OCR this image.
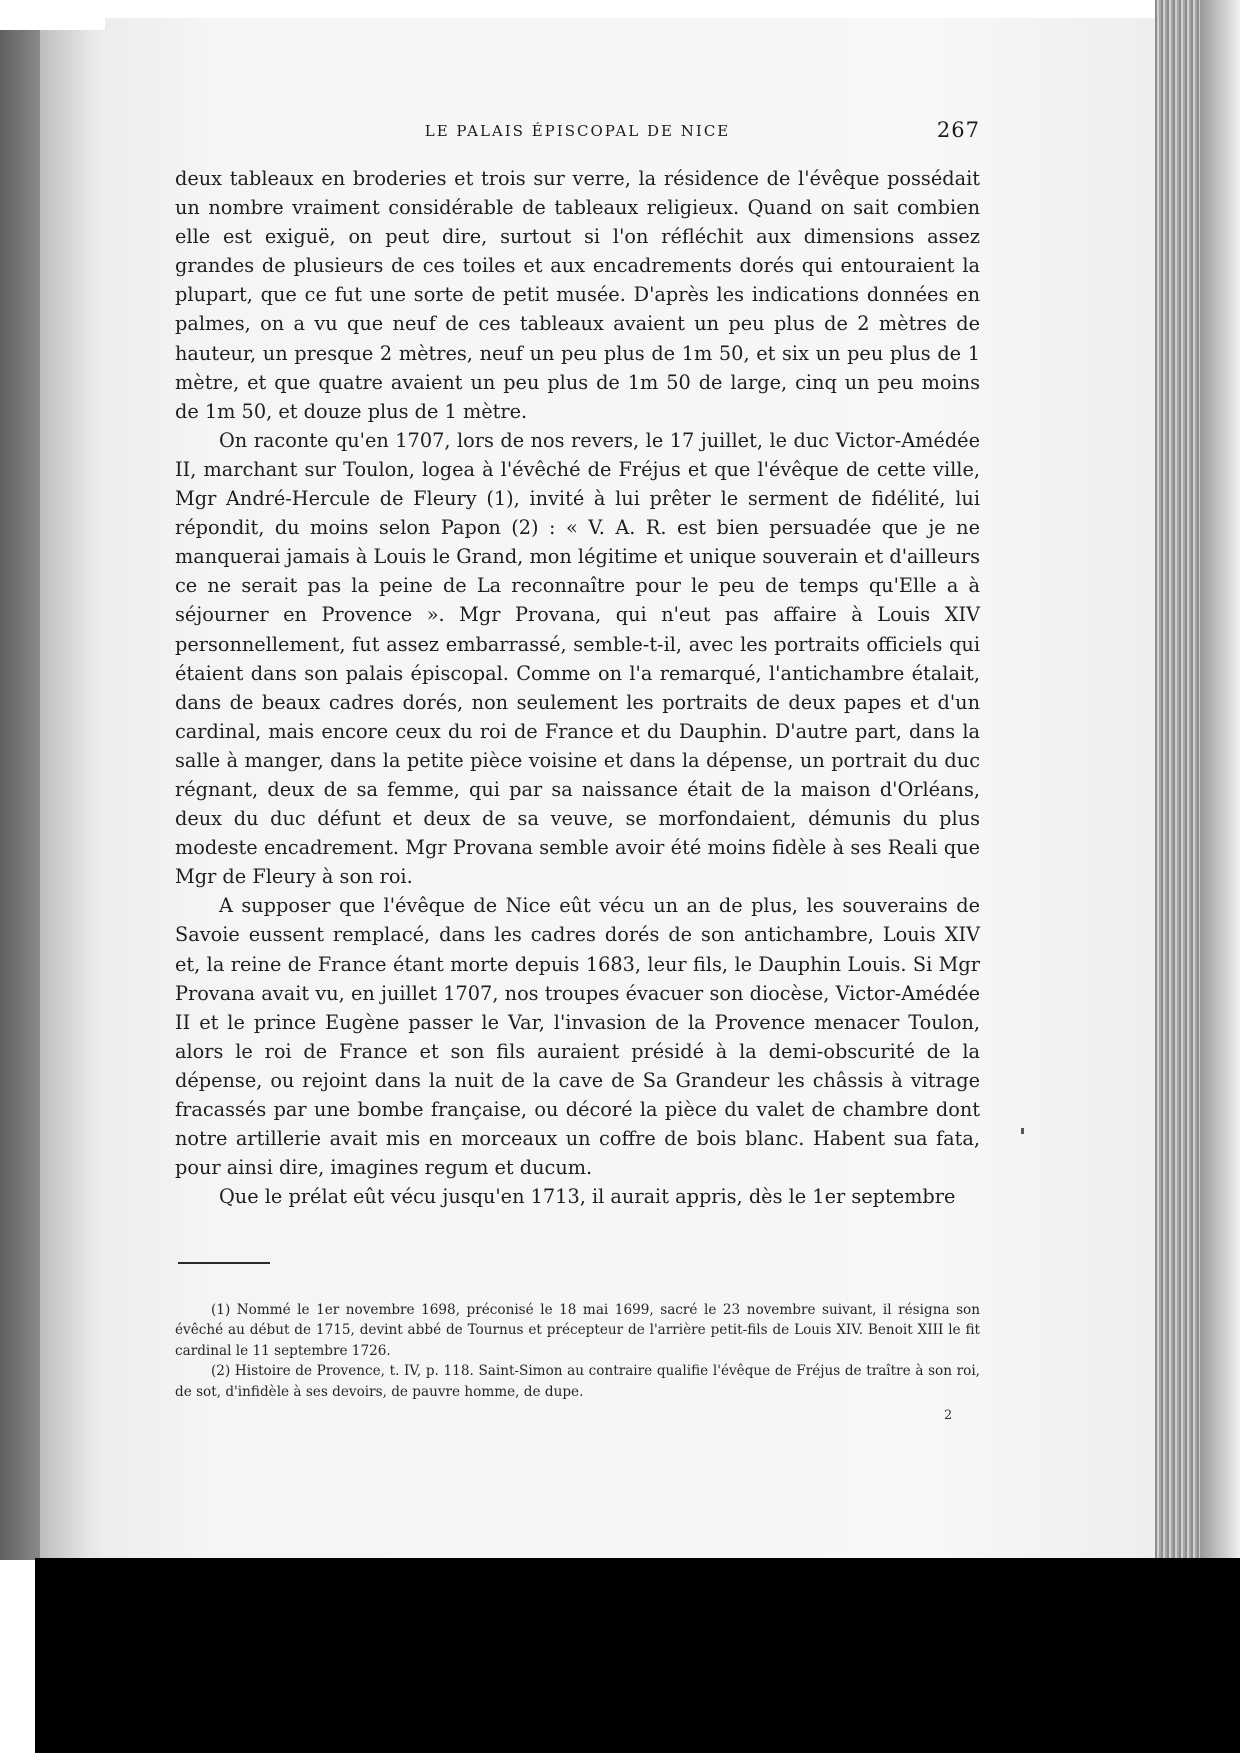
LE PALAIS ÉPISCOPAL DE NICE	267

deux tableaux en broderies et trois sur verre, la résidence de l'évêque possédait un nombre vraiment considérable de tableaux religieux. Quand on sait combien elle est exiguë, on peut dire, surtout si l'on réfléchit aux dimensions assez grandes de plusieurs de ces toiles et aux encadrements dorés qui entouraient la plupart, que ce fut une sorte de petit musée. D'après les indications données en palmes, on a vu que neuf de ces tableaux avaient un peu plus de 2 mètres de hauteur, un presque 2 mètres, neuf un peu plus de 1m 50, et six un peu plus de 1 mètre, et que quatre avaient un peu plus de 1m 50 de large, cinq un peu moins de 1m 50, et douze plus de 1 mètre.

On raconte qu'en 1707, lors de nos revers, le 17 juillet, le duc Victor-Amédée II, marchant sur Toulon, logea à l'évêché de Fréjus et que l'évêque de cette ville, Mgr André-Hercule de Fleury (1), invité à lui prêter le serment de fidélité, lui répondit, du moins selon Papon (2) : « V. A. R. est bien persuadée que je ne manquerai jamais à Louis le Grand, mon légitime et unique souverain et d'ailleurs ce ne serait pas la peine de La reconnaître pour le peu de temps qu'Elle a à séjourner en Provence ». Mgr Provana, qui n'eut pas affaire à Louis XIV personnellement, fut assez embarrassé, semble-t-il, avec les portraits officiels qui étaient dans son palais épiscopal. Comme on l'a remarqué, l'antichambre étalait, dans de beaux cadres dorés, non seulement les portraits de deux papes et d'un cardinal, mais encore ceux du roi de France et du Dauphin. D'autre part, dans la salle à manger, dans la petite pièce voisine et dans la dépense, un portrait du duc régnant, deux de sa femme, qui par sa naissance était de la maison d'Orléans, deux du duc défunt et deux de sa veuve, se morfondaient, démunis du plus modeste encadrement. Mgr Provana semble avoir été moins fidèle à ses Reali que Mgr de Fleury à son roi.

A supposer que l'évêque de Nice eût vécu un an de plus, les souverains de Savoie eussent remplacé, dans les cadres dorés de son antichambre, Louis XIV et, la reine de France étant morte depuis 1683, leur fils, le Dauphin Louis. Si Mgr Provana avait vu, en juillet 1707, nos troupes évacuer son diocèse, Victor-Amédée II et le prince Eugène passer le Var, l'invasion de la Provence menacer Toulon, alors le roi de France et son fils auraient présidé à la demi-obscurité de la dépense, ou rejoint dans la nuit de la cave de Sa Grandeur les châssis à vitrage fracassés par une bombe française, ou décoré la pièce du valet de chambre dont notre artillerie avait mis en morceaux un coffre de bois blanc. Habent sua fata, pour ainsi dire, imagines regum et ducum.

Que le prélat eût vécu jusqu'en 1713, il aurait appris, dès le 1er septembre

(1) Nommé le 1er novembre 1698, préconisé le 18 mai 1699, sacré le 23 novembre suivant, il résigna son évêché au début de 1715, devint abbé de Tournus et précepteur de l'arrière petit-fils de Louis XIV. Benoit XIII le fit cardinal le 11 septembre 1726.

(2) Histoire de Provence, t. IV, p. 118. Saint-Simon au contraire qualifie l'évêque de Fréjus de traître à son roi, de sot, d'infidèle à ses devoirs, de pauvre homme, de dupe.

2
